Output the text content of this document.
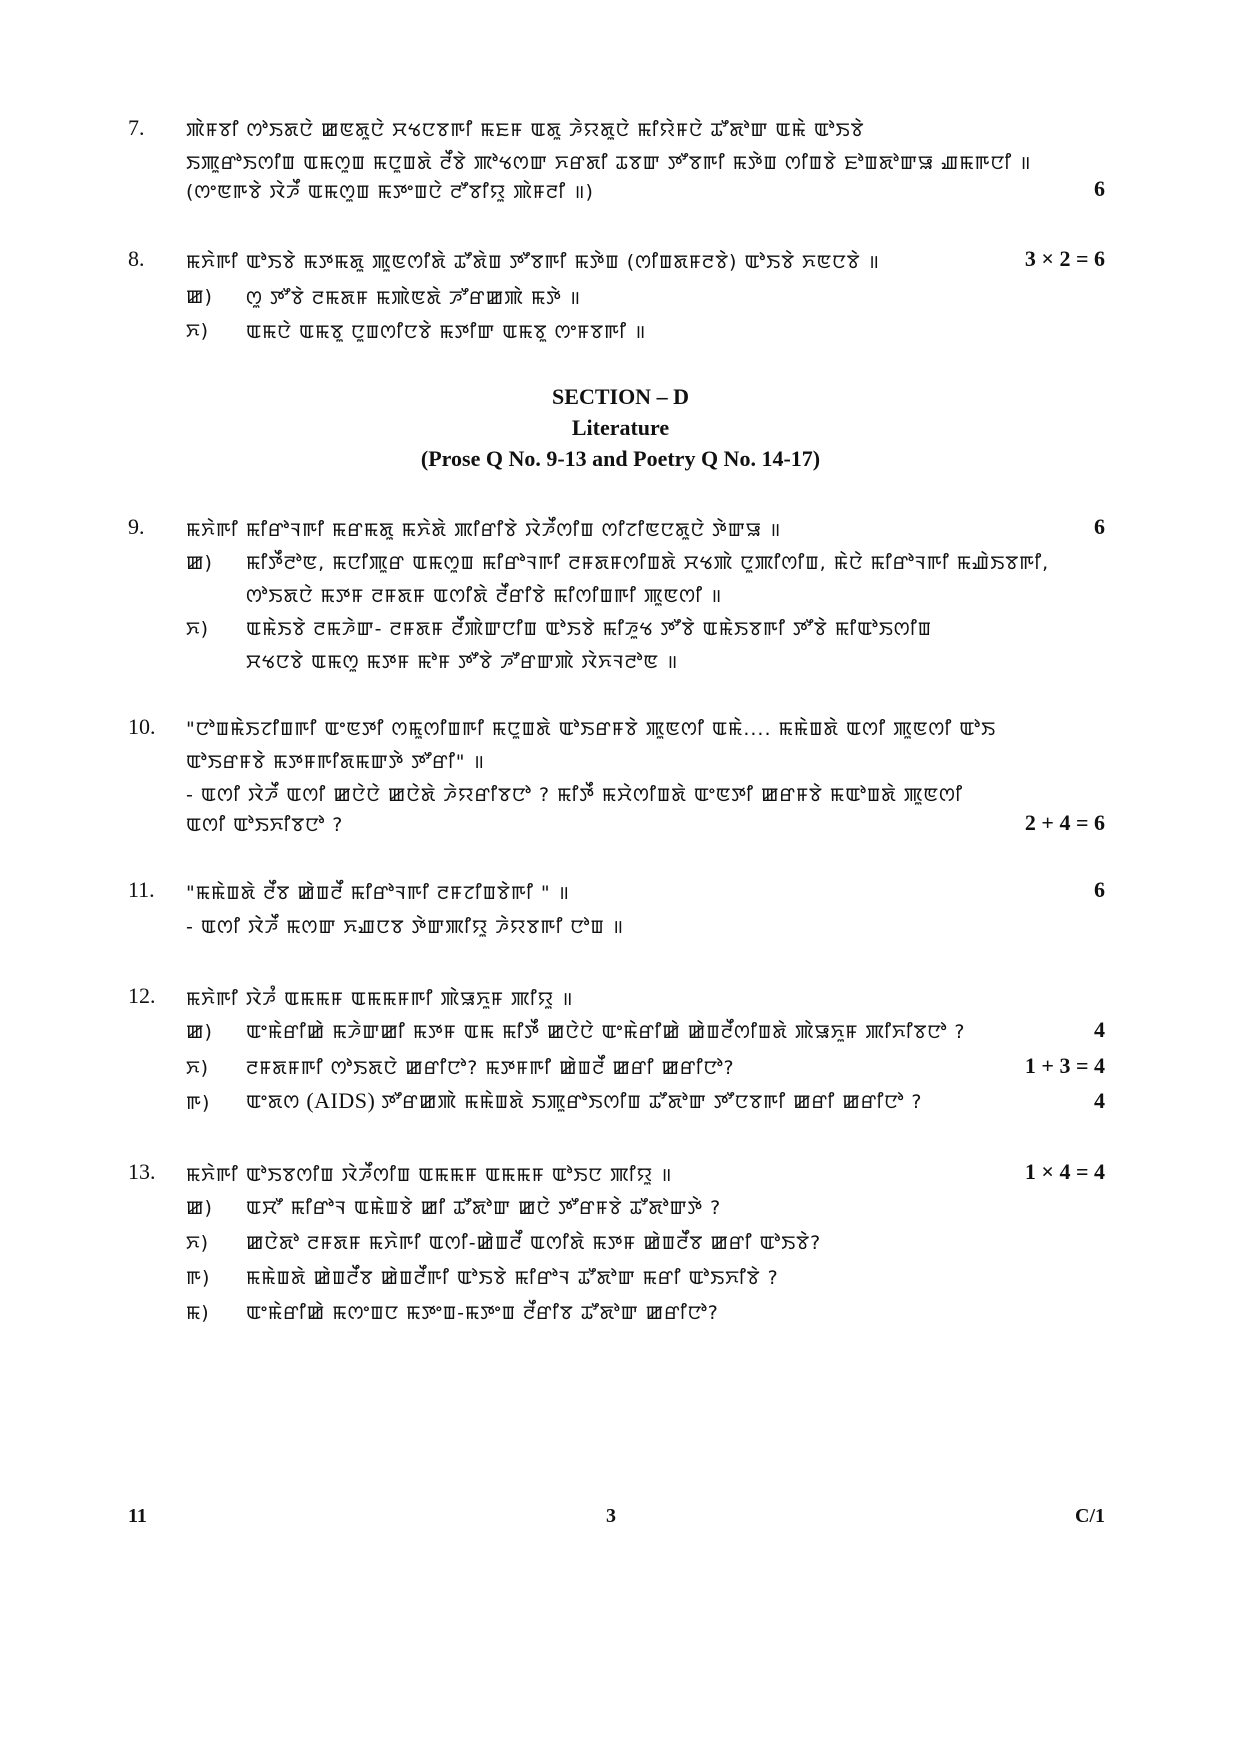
7. ꯄꯥꯝꯕꯤ ꯁꯣꯏꯗꯅꯥ ꯀꯟꯗꯨꯅꯥ ꯆꯠꯅꯕꯒꯤ ꯃꯐꯝ ꯑꯗꯨ ꯍꯥꯌꯗꯨꯅꯥ ꯃꯤꯌꯥꯝꯅꯥ ꯊꯧꯗꯣꯛ ꯑꯃꯥ ꯑꯣꯏꯕꯥ
ꯏꯄꯨꯔꯣꯏꯁꯤꯡ ꯑꯃꯁꯨꯡ ꯃꯅꯨꯡꯗꯥ ꯂꯩꯕꯥ ꯄꯣꯠꯁꯛ ꯈꯔꯗꯤ ꯊꯕꯛ ꯇꯧꯕꯒꯤ ꯃꯇꯥꯡ ꯁꯤꯡꯕꯥ ꯐꯣꯡꯗꯣꯛꯎ ꯉꯃꯒꯅꯤ ॥
(ꯁꯦꯟꯒꯕꯥ ꯋꯥꯍꯩ ꯑꯃꯁꯨꯡ ꯃꯇꯦꯡꯅꯥ ꯂꯧꯕꯤꯌꯨ ꯄꯥꯝꯂꯤ ॥)	6
8. ꯃꯈꯥꯒꯤ ꯑꯣꯏꯕꯥ ꯃꯇꯃꯗꯨ ꯄꯨꯟꯁꯤꯗꯥ ꯊꯧꯗꯥꯡ ꯇꯧꯕꯒꯤ ꯃꯇꯥꯡ (ꯁꯤꯡꯗꯝꯂꯕꯥ) ꯑꯣꯏꯕꯥ ꯈꯟꯅꯕꯥ ॥	3 × 2 = 6
ꯀ) ꯁꯨ ꯇꯧꯕꯥ ꯂꯃꯗꯝ ꯃꯄꯥꯟꯗꯥ ꯍꯧꯔꯀꯄꯥ ꯃꯇꯥ ॥
ꯈ) ꯑꯃꯅꯥ ꯑꯃꯕꯨ ꯅꯨꯡꯁꯤꯅꯕꯥ ꯃꯇꯤꯛ ꯑꯃꯕꯨ ꯁꯦꯝꯕꯒꯤ ॥
SECTION – D
Literature
(Prose Q No. 9-13 and Poetry Q No. 14-17)
9. ꯃꯈꯥꯒꯤ ꯃꯤꯔꯣꯜꯒꯤ ꯃꯔꯃꯗꯨ ꯃꯈꯥꯗꯥ ꯄꯤꯔꯤꯕꯥ ꯋꯥꯍꯩꯁꯤꯡ ꯁꯤꯖꯤꯟꯅꯗꯨꯅꯥ ꯇꯥꯛꯎ ॥	6
ꯀ) ꯃꯤꯇꯩꯂꯣꯟ, ꯃꯅꯤꯄꯨꯔ ꯑꯃꯁꯨꯡ ꯃꯤꯔꯣꯜꯒꯤ ꯂꯝꯗꯝꯁꯤꯡꯗꯥ ꯆꯠꯄꯥ ꯅꯨꯄꯤꯁꯤꯡ, ꯃꯥꯅꯥ ꯃꯤꯔꯣꯜꯒꯤ ꯃꯉꯥꯏꯕꯒꯤ,
ꯁꯣꯏꯗꯅꯥ ꯃꯇꯝ ꯂꯝꯗꯝ ꯑꯁꯤꯗꯥ ꯂꯩꯔꯤꯕꯥ ꯃꯤꯁꯤꯡꯒꯤ ꯄꯨꯟꯁꯤ ॥
ꯈ) ꯑꯃꯥꯏꯕꯥ ꯂꯃꯍꯥꯛ- ꯂꯝꯗꯝ ꯂꯩꯄꯥꯛꯅꯤꯡ ꯑꯣꯏꯕꯥ ꯃꯤꯍꯨꯠ ꯇꯧꯕꯥ ꯑꯃꯥꯏꯕꯒꯤ ꯇꯧꯕꯥ ꯃꯤꯑꯣꯏꯁꯤꯡ
ꯆꯠꯅꯕꯥ ꯑꯃꯁꯨ ꯃꯇꯝ ꯃꯣꯝ ꯇꯧꯕꯥ ꯍꯧꯔꯛꯄꯥ ꯋꯥꯈꯜꯂꯣꯟ ॥
10. "ꯅꯣꯡꯃꯥꯏꯖꯤꯡꯒꯤ ꯑꯦꯟꯇꯤ ꯁꯃꯨꯁꯤꯡꯒꯤ ꯃꯅꯨꯡꯗꯥ ꯑꯣꯏꯔꯝꯕꯥ ꯄꯨꯟꯁꯤ ꯑꯃꯥ.... ꯃꯃꯥꯡꯗꯥ ꯑꯁꯤ ꯄꯨꯟꯁꯤ ꯑꯣꯏ
ꯑꯣꯏꯔꯝꯕꯥ ꯃꯇꯝꯒꯤꯗꯃꯛꯇꯥ ꯇꯧꯔꯤ" ॥
- ꯑꯁꯤ ꯋꯥꯍꯩ ꯑꯁꯤ ꯀꯅꯥꯅꯥ ꯀꯅꯥꯗꯥ ꯍꯥꯌꯔꯤꯕꯅꯣ ? ꯃꯤꯇꯩ ꯃꯆꯥꯁꯤꯡꯗꯥ ꯑꯦꯟꯇꯤ ꯀꯔꯝꯕꯥ ꯃꯑꯣꯡꯗꯥ ꯄꯨꯟꯁꯤ
ꯑꯁꯤ ꯑꯣꯏꯈꯤꯕꯅꯣ ?	2 + 4 = 6
11. "ꯃꯃꯥꯡꯗꯥ ꯂꯩꯕ ꯀꯥꯡꯂꯩ ꯃꯤꯔꯣꯜꯒꯤ ꯂꯝꯖꯤꯡꯕꯥꯒꯤ " ॥	6
- ꯑꯁꯤ ꯋꯥꯍꯩ ꯃꯁꯛ ꯈꯉꯅꯕ ꯇꯥꯛꯄꯤꯌꯨ ꯍꯥꯌꯕꯒꯤ ꯅꯣꯡ ॥
12. ꯃꯈꯥꯒꯤ ꯋꯥꯍꯪ ꯑꯃꯃꯝ ꯑꯃꯃꯝꯒꯤ ꯄꯥꯎꯈꯨꯝ ꯄꯤꯌꯨ ॥
ꯀ) ꯑꯦꯃꯥꯔꯤꯀꯥ ꯃꯍꯥꯛꯀꯤ ꯃꯇꯝ ꯑꯃ ꯃꯤꯇꯩ ꯀꯅꯥꯅꯥ ꯑꯦꯃꯥꯔꯤꯀꯥ ꯀꯥꯡꯂꯩꯁꯤꯡꯗꯥ ꯄꯥꯎꯈꯨꯝ ꯄꯤꯈꯤꯕꯅꯣ ?	4
ꯈ) ꯂꯝꯗꯝꯒꯤ ꯁꯣꯏꯗꯅꯥ ꯀꯔꯤꯅꯣ? ꯃꯇꯝꯒꯤ ꯀꯥꯡꯂꯩ ꯀꯔꯤ ꯀꯔꯤꯅꯣ?	1 + 3 = 4
ꯒ) ꯑꯦꯗꯁ (AIDS) ꯇꯧꯔꯀꯄꯥ ꯃꯃꯥꯡꯗꯥ ꯏꯄꯨꯔꯣꯏꯁꯤꯡ ꯊꯧꯗꯣꯛ ꯇꯧꯅꯕꯒꯤ ꯀꯔꯤ ꯀꯔꯤꯅꯣ ?	4
13. ꯃꯈꯥꯒꯤ ꯑꯣꯏꯕꯁꯤꯡ ꯋꯥꯍꯩꯁꯤꯡ ꯑꯃꯃꯝ ꯑꯃꯃꯝ ꯑꯣꯏꯅ ꯄꯤꯌꯨ ॥	1 × 4 = 4
ꯀ) ꯑꯆꯧ ꯃꯤꯔꯣꯜ ꯑꯃꯥꯡꯕꯥ ꯀꯤ ꯊꯧꯗꯣꯛ ꯀꯅꯥ ꯇꯧꯔꯝꯕꯥ ꯊꯧꯗꯣꯛꯇꯥ ?
ꯈ) ꯀꯅꯥꯗꯣ ꯂꯝꯗꯝ ꯃꯈꯥꯒꯤ ꯑꯁꯤ-ꯀꯥꯡꯂꯩ ꯑꯁꯤꯗꯥ ꯃꯇꯝ ꯀꯥꯡꯂꯩꯕ ꯀꯔꯤ ꯑꯣꯏꯕꯥ?
ꯒ) ꯃꯃꯥꯡꯗꯥ ꯀꯥꯡꯂꯩꯕ ꯀꯥꯡꯂꯩꯒꯤ ꯑꯣꯏꯕꯥ ꯃꯤꯔꯣꯜ ꯊꯧꯗꯣꯛ ꯃꯔꯤ ꯑꯣꯏꯈꯤꯕꯥ ?
ꯃ) ꯑꯦꯃꯥꯔꯤꯀꯥ ꯃꯁꯦꯡꯅ ꯃꯇꯦꯡ-ꯃꯇꯦꯡ ꯂꯩꯔꯤꯕ ꯊꯧꯗꯣꯛ ꯀꯔꯤꯅꯣ?
11	3	C/1
